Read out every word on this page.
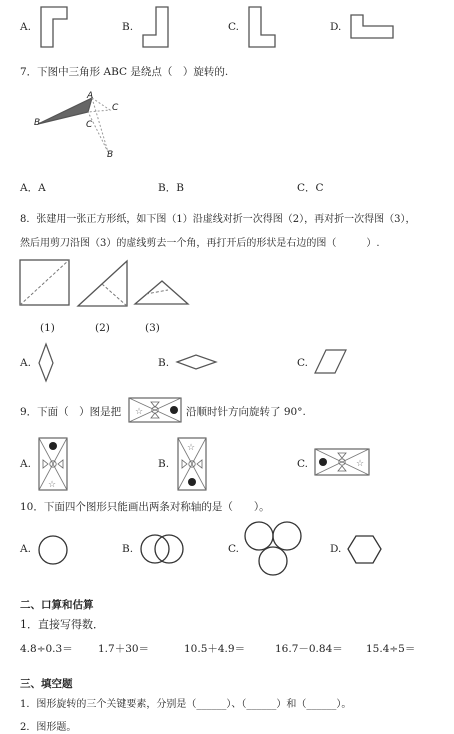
A.	B.	C.	D.
7．下图中三角形 ABC 是绕点（　）旋转的.
A
B	C
C
B
A．A	B．B	C．C
8．张建用一张正方形纸，如下图（1）沿虚线对折一次得图（2），再对折一次得图（3），
然后用剪刀沿图（3）的虚线剪去一个角，再打开后的形状是右边的图（　　　）.
(1)	(2)	(3)
A.	B.	C.
9．下面（　）图是把 ☆	沿顺时针方向旋转了 90°.
A.
☆
B.
☆
C.	☆
10．下面四个图形只能画出两条对称轴的是（　　）。
A.	B.	C.	D.
二、口算和估算
1．直接写得数．
4.8÷0.3＝ 1.7＋30＝	10.5＋4.9＝	16.7－0.84＝ 15.4÷5＝
三、填空题
1．图形旋转的三个关键要素，分别是（______）、（______）和（______）。
2．图形题。
